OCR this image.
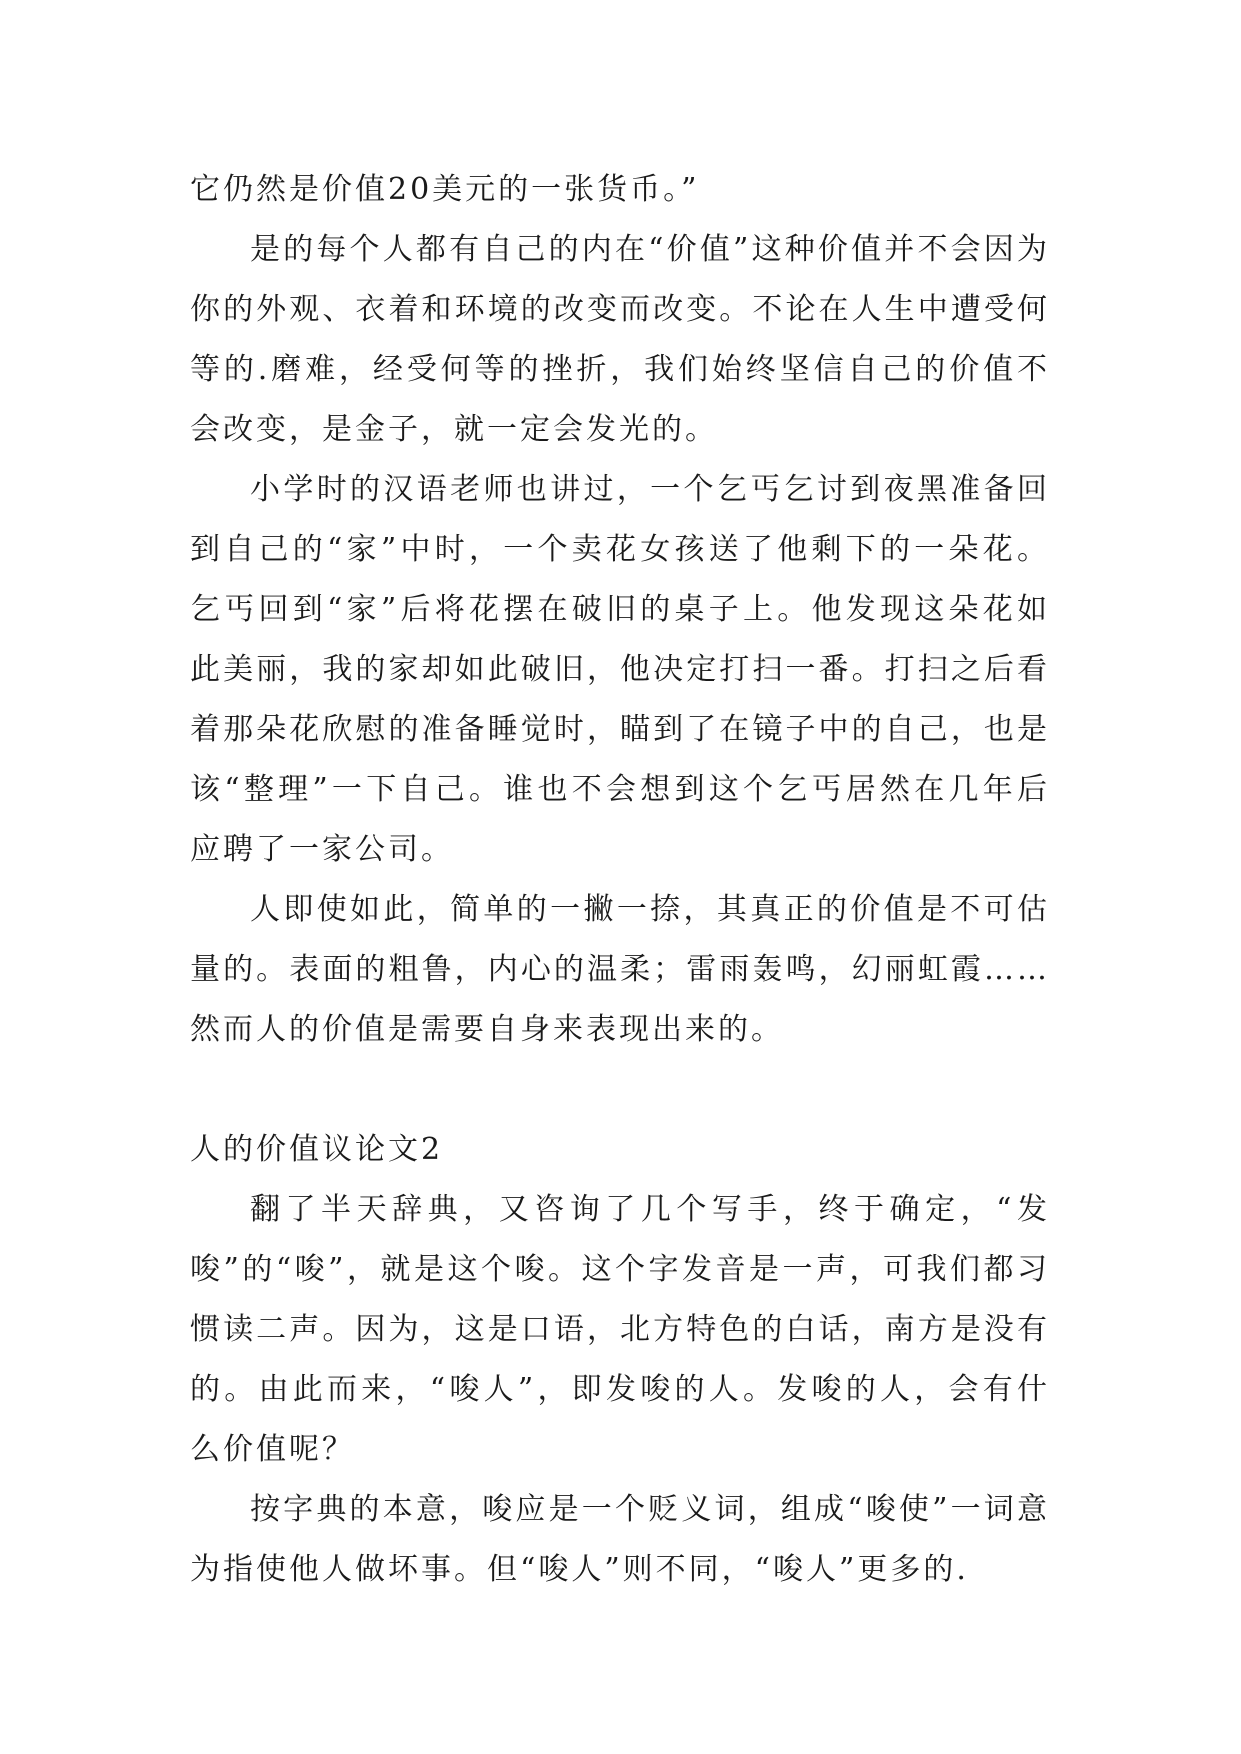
它仍然是价值20美元的一张货币。”

是的每个人都有自己的内在“价值”这种价值并不会因为你的外观、衣着和环境的改变而改变。不论在人生中遭受何等的.磨难，经受何等的挫折，我们始终坚信自己的价值不会改变，是金子，就一定会发光的。

小学时的汉语老师也讲过，一个乞丐乞讨到夜黑准备回到自己的“家”中时，一个卖花女孩送了他剩下的一朵花。乞丐回到“家”后将花摆在破旧的桌子上。他发现这朵花如此美丽，我的家却如此破旧，他决定打扫一番。打扫之后看着那朵花欣慰的准备睡觉时，瞄到了在镜子中的自己，也是该“整理”一下自己。谁也不会想到这个乞丐居然在几年后应聘了一家公司。

人即使如此，简单的一撇一捺，其真正的价值是不可估量的。表面的粗鲁，内心的温柔；雷雨轰鸣，幻丽虹霞……然而人的价值是需要自身来表现出来的。

人的价值议论文2

翻了半天辞典，又咨询了几个写手，终于确定，“发唆”的“唆”，就是这个唆。这个字发音是一声，可我们都习惯读二声。因为，这是口语，北方特色的白话，南方是没有的。由此而来，“唆人”，即发唆的人。发唆的人，会有什么价值呢？

按字典的本意，唆应是一个贬义词，组成“唆使”一词意为指使他人做坏事。但“唆人”则不同，“唆人”更多的.
